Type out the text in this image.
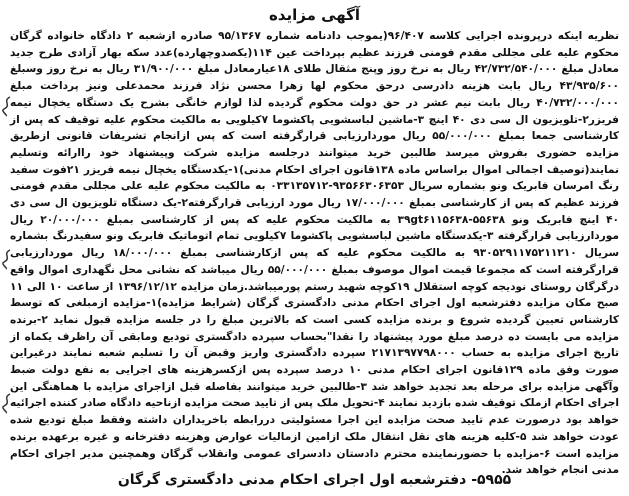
آگهی مزایده

نظریه اینکه درپرونده اجرایی کلاسه ۹۶/۴۰۷(یموجب دادنامه شماره ۹۵/۱۳۶۷ صادره ازشعبه ۲ دادگاه خانواده گرگان محکوم علیه علی مجللی مقدم فومنی فرزند عظیم بپرداخت عین ۱۱۴(یکصدوچهارده)عدد سکه بهار آزادی طرح جدید معادل مبلغ ۴۲/۷۳۲/۵۴۰/۰۰۰ ریال به نرخ روز وپنج مثقال طلای ۱۸عیارمعادل مبلغ ۳۱/۹۰۰/۰۰۰ ریال به نرخ روز وسبلغ ۴۳/۹۳۵/۶۰۰ ریال بابت هزینه دادرسی درحق محکوم لها زهرا محسن نژاد فرزند محمدعلی ونیز پرداخت مبلغ ۴۰/۷۳۲/۰۰۰/۰۰۰ ریال بابت نیم عشر در حق دولت محکوم گردیده لذا لوازم خانگی بشرح یک دستگاه یخچال نیمه فریزر۲-تلویزیون ال سی دی ۴۰ اینچ ۳-ماشین لباسشویی پاکشوما ۷کیلویی به مالکیت محکوم علیه توقیف که پس از کارشناسی جمعا بمبلغ ۵۵/۰۰۰/۰۰۰ ریال موردارزیابی قرارگرفته است که پس ازانجام تشریفات قانونی ازطریق مزایده حضوری بفروش میرسد طالبین خرید میتوانند درجلسه مزایده شرکت وپیشنهاد خود راارائه وتسلیم نمایند(توصیف اجمالی اموال براساس ماده ۱۳۸قانون اجرای احکام مدنی)۱-یکدستگاه یخچال نیمه فریزر ۲۱فوت سفید رنگ امرسان فابریک ونو بشماره سریال ۹۳۵۶۶۳۰۶۳۵۳-۰۳۳۱۳۵۷۱۲ به مالکیت محکوم علیه علی مجللی مقدم فومنی فرزند عظیم که پس از کارشناسی بمبلغ ۱۷/۰۰۰/۰۰۰ ریال مورد ارزیابی قرارگرفته۲-یک دستگاه تلویزیون ال سی دی ۴۰ اینچ فابریک ونو ۵۵۶۳۸-۳۹gt۶۱۱۵۶۳۸ به مالکیت محکوم علیه که پس از کارشناسی بمبلغ ۲۰/۰۰۰/۰۰۰ ریال موردارزیابی قرارگرفته ۳-یکدستگاه ماشین لباسشویی پاکشوما ۷کیلویی تمام اتوماتیک فابریک ونو سفیدرنگ بشماره سریال ۹۳۰۵۲۹۱۱۷۵۲۱۱۲۱۰ به مالکیت محکوم علیه که پس ازکارشناسی بمبلغ ۱۸/۰۰۰/۰۰۰ ریال موردارزیابی قرارگرفته است که مجموعا قیمت اموال موصوف بمبلغ ۵۵/۰۰۰/۰۰۰ ریال میباشد که نشانی محل نگهداری اموال واقع درگرگان روستای نودیجه کوچه استقلال ۱۹کوچه شهید رستم پورمیباشد.زمان مزایده ۱۳۹۶/۱۲/۱۲ از ساعت ۱۰ الی ۱۱ صبح مکان مزایده دفترشعبه اول اجرای احکام مدنی دادگستری گرگان (شرایط مزایده)۱-مزایده ازمبلغی که توسط کارشناس تعیین گردیده شروع و برنده مزایده کسی است که بالاترین مبلغ را در جلسه مزایده قبول نماید ۲-برنده مزایده می بایست ده درصد مبلغ مورد پیشنهاد را نقدا"بحساب سپرده دادگستری تودیع ومابقی آن راظرف یکماه از تاریخ اجرای مزایده به حساب ۲۱۷۱۳۹۷۷۹۸۰۰۰ سپرده دادگستری واریز وقبض آن را تسلیم شعبه نمایند درغیراین صورت وفق ماده ۱۲۹قانون اجرای احکام مدنی ۱۰ درصد سپرده پس ازکسرهزینه های اجرایی به نفع دولت ضبط وآگهی مزایده برای مرحله بعد تجدید خواهد شد ۳-طالبین خرید میتوانند بفاصله قبل ازاجرای مزایده با هماهنگی این اجرای احکام ازملک توقیف شده بازدید نمایند ۴-تحویل ملک پس از تایید صحت مزایده ازناحیه دادگاه صادر کننده اجرائیه خواهد بود درصورت عدم تایید صحت مزایده این اجرا مسئولیتی دررابطه باخریداران داشته وفقط مبلغ تودیع شده عودت خواهد شد ۵-کلیه هزینه های نقل انتقال ملک ازامین ازمالیات عوارض وهزینه دفترخانه و غیره برعهده برنده مزایده است ۶-مزایده با حضورنماینده محترم دادستان دادسرای عمومی وانقلاب گرگان وهمچنین مدیر اجرای احکام مدنی انجام خواهد شد.

۵۹۵۵- دفترشعبه اول اجرای احکام مدنی دادگستری گرگان
